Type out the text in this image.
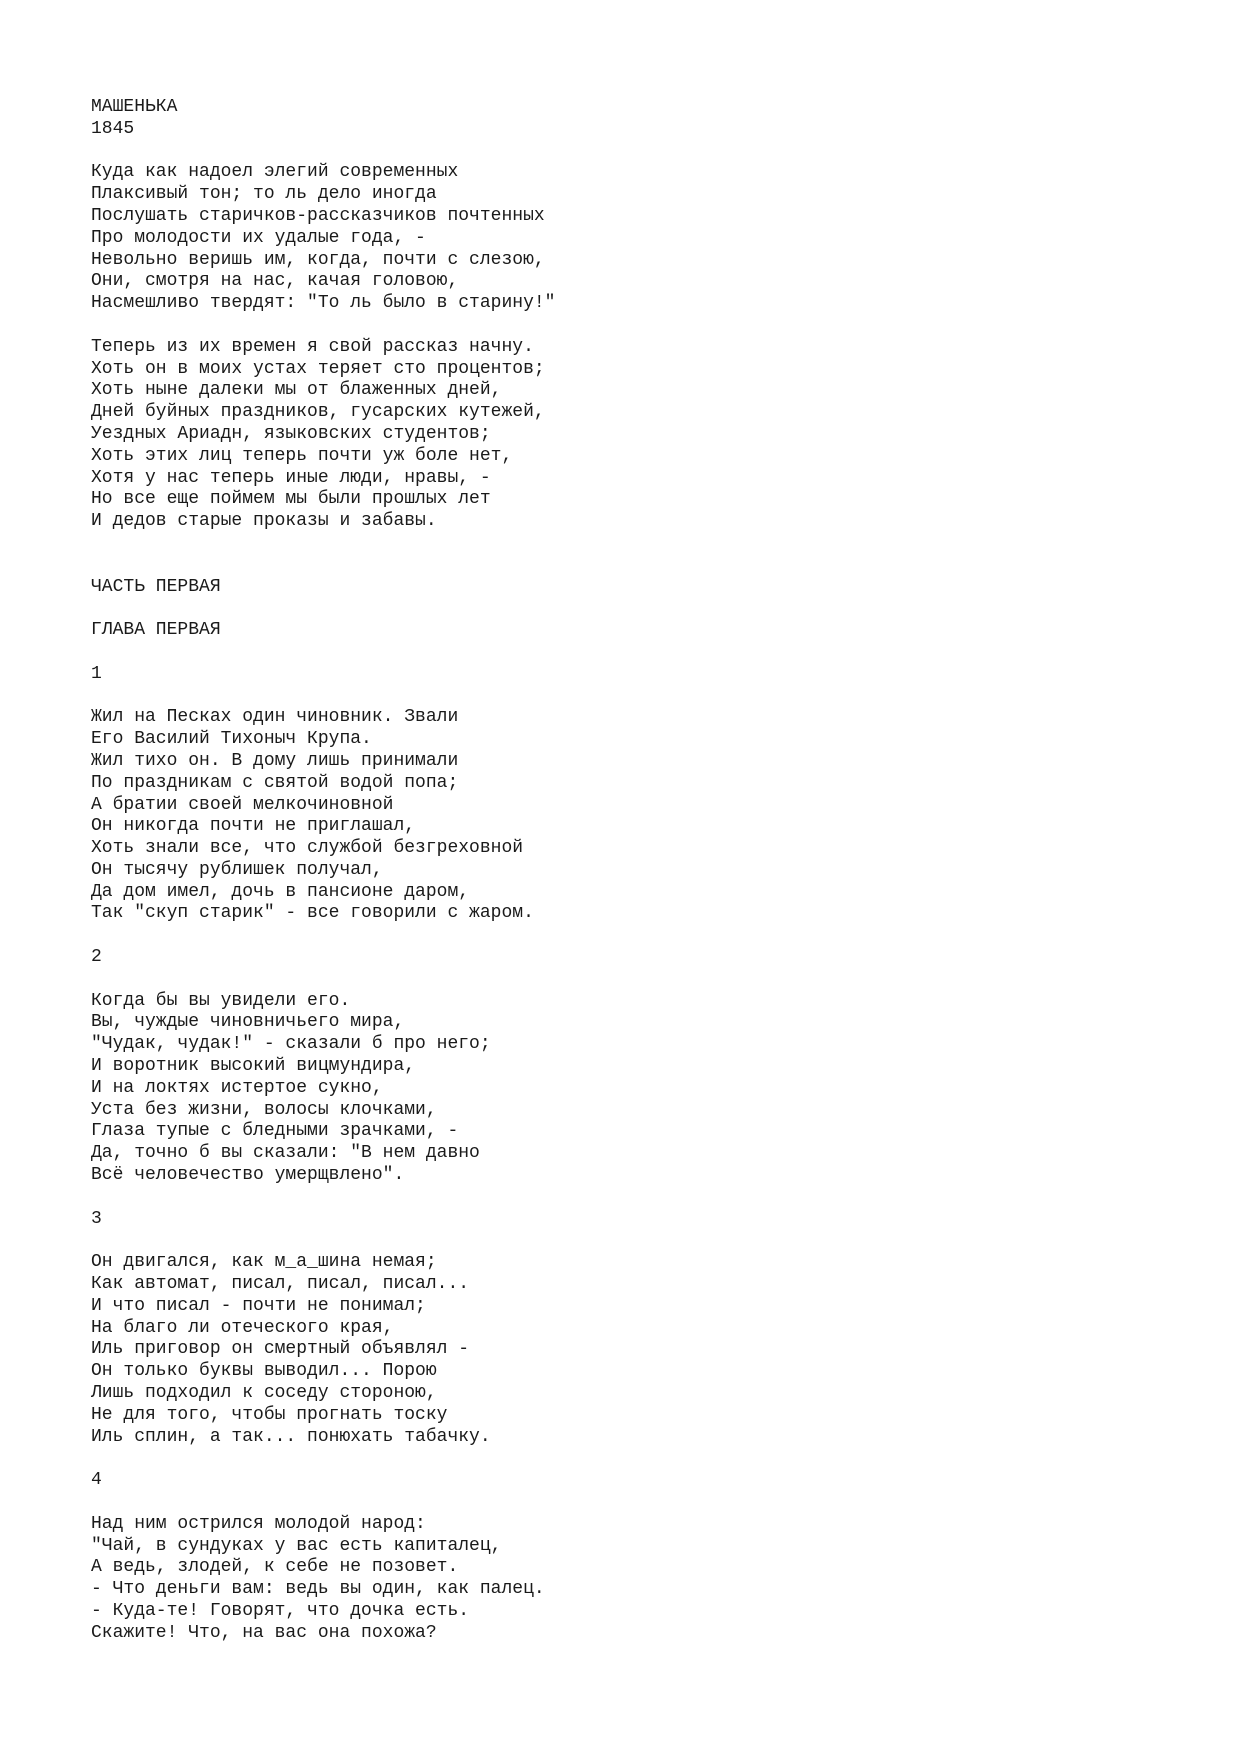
МАШЕНЬКА
1845
Куда как надоел элегий современных
Плаксивый тон; то ль дело иногда
Послушать старичков-рассказчиков почтенных
Про молодости их удалые года, -
Невольно веришь им, когда, почти с слезою,
Они, смотря на нас, качая головою,
Насмешливо твердят: "То ль было в старину!"
Теперь из их времен я свой рассказ начну.
Хоть он в моих устах теряет сто процентов;
Хоть ныне далеки мы от блаженных дней,
Дней буйных праздников, гусарских кутежей,
Уездных Ариадн, языковских студентов;
Хоть этих лиц теперь почти уж боле нет,
Хотя у нас теперь иные люди, нравы, -
Но все еще поймем мы были прошлых лет
И дедов старые проказы и забавы.
ЧАСТЬ ПЕРВАЯ
ГЛАВА ПЕРВАЯ
1
Жил на Песках один чиновник. Звали
Его Василий Тихоныч Крупа.
Жил тихо он. В дому лишь принимали
По праздникам с святой водой попа;
А братии своей мелкочиновной
Он никогда почти не приглашал,
Хоть знали все, что службой безгреховной
Он тысячу рублишек получал,
Да дом имел, дочь в пансионе даром,
Так "скуп старик" - все говорили с жаром.
2
Когда бы вы увидели его.
Вы, чуждые чиновничьего мира,
"Чудак, чудак!" - сказали б про него;
И воротник высокий вицмундира,
И на локтях истертое сукно,
Уста без жизни, волосы клочками,
Глаза тупые с бледными зрачками, -
Да, точно б вы сказали: "В нем давно
Всё человечество умерщвлено".
3
Он двигался, как м_а_шина немая;
Как автомат, писал, писал, писал...
И что писал - почти не понимал;
На благо ли отеческого края,
Иль приговор он смертный объявлял -
Он только буквы выводил... Порою
Лишь подходил к соседу стороною,
Не для того, чтобы прогнать тоску
Иль сплин, а так... понюхать табачку.
4
Над ним острился молодой народ:
"Чай, в сундуках у вас есть капиталец,
А ведь, злодей, к себе не позовет.
- Что деньги вам: ведь вы один, как палец.
- Куда-те! Говорят, что дочка есть.
Скажите! Что, на вас она похожа?
